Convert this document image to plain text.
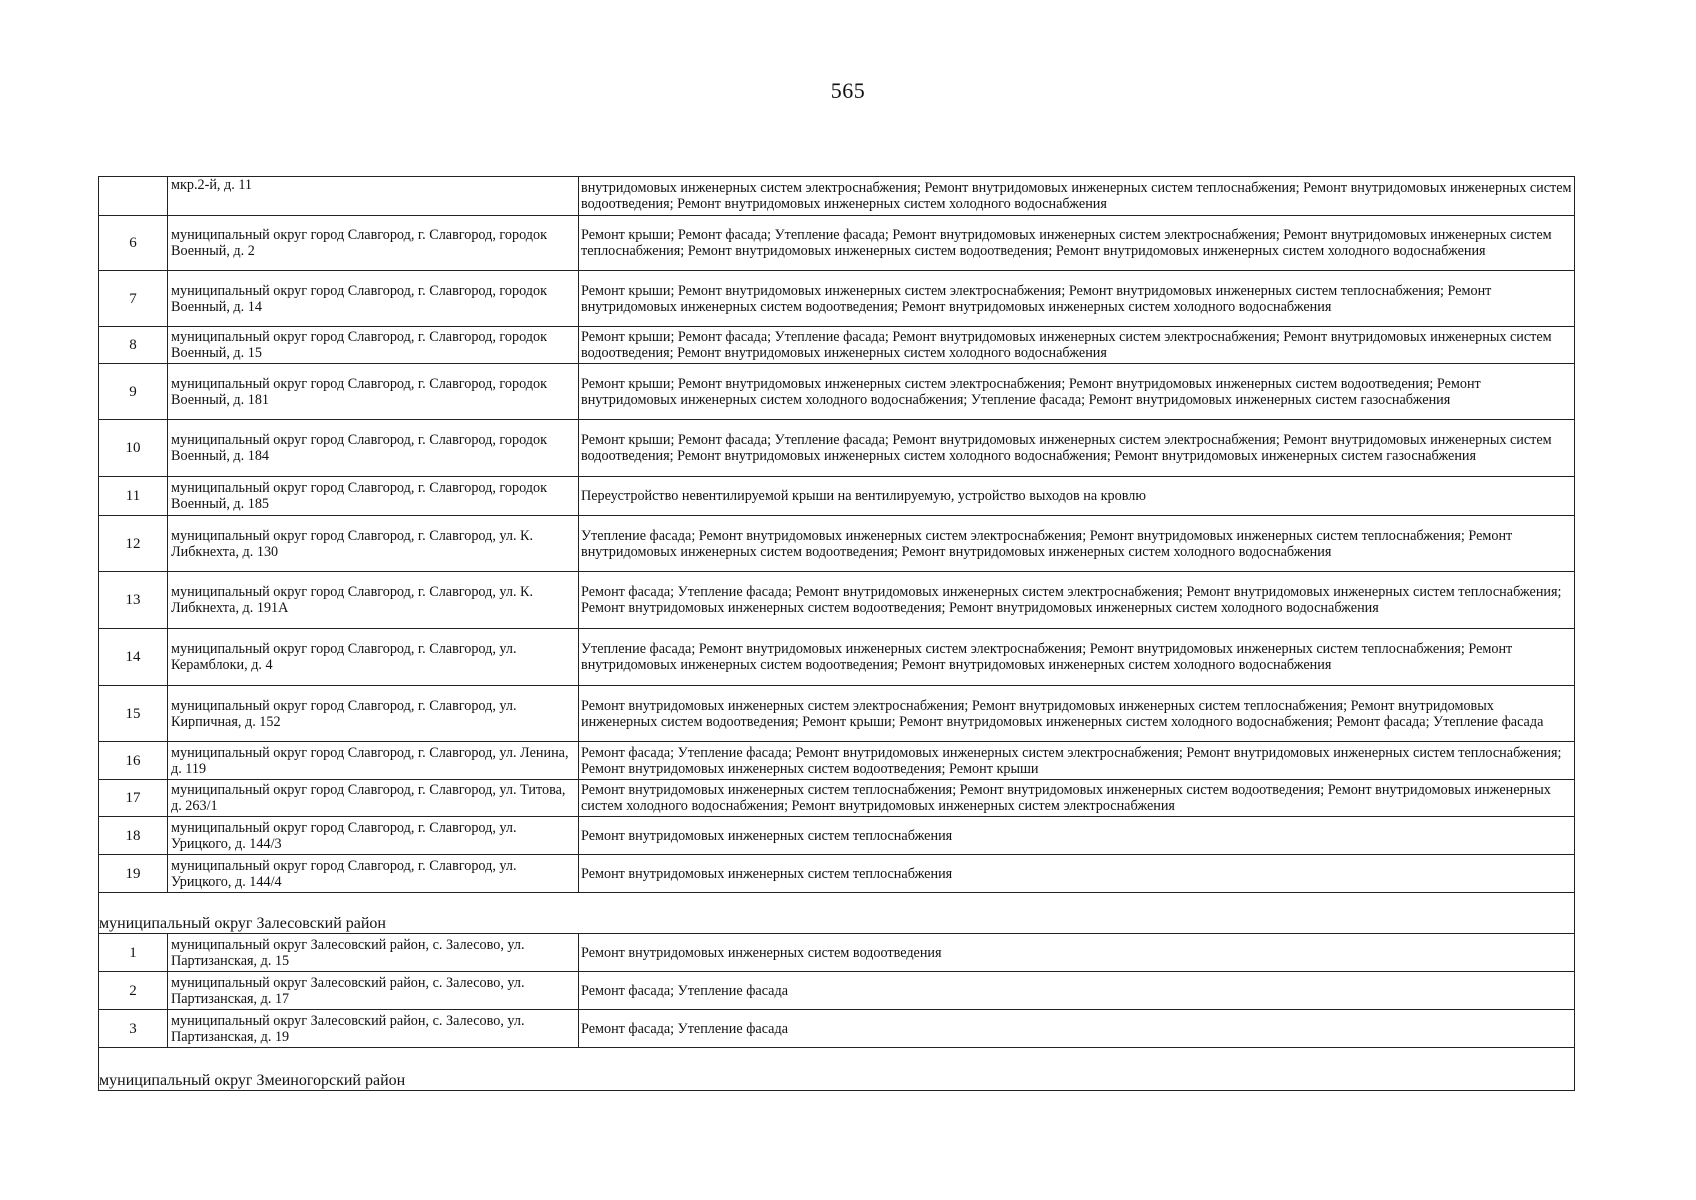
565
	мкр.2-й, д. 11	внутридомовых инженерных систем электроснабжения; Ремонт внутридомовых инженерных систем теплоснабжения; Ремонт внутридомовых инженерных систем водоотведения; Ремонт внутридомовых инженерных систем холодного водоснабжения
6	муниципальный округ город Славгород, г. Славгород, городок Военный, д. 2	Ремонт крыши; Ремонт фасада; Утепление фасада; Ремонт внутридомовых инженерных систем электроснабжения; Ремонт внутридомовых инженерных систем теплоснабжения; Ремонт внутридомовых инженерных систем водоотведения; Ремонт внутридомовых инженерных систем холодного водоснабжения
7	муниципальный округ город Славгород, г. Славгород, городок Военный, д. 14	Ремонт крыши; Ремонт внутридомовых инженерных систем электроснабжения; Ремонт внутридомовых инженерных систем теплоснабжения; Ремонт внутридомовых инженерных систем водоотведения; Ремонт внутридомовых инженерных систем холодного водоснабжения
8	муниципальный округ город Славгород, г. Славгород, городок Военный, д. 15	Ремонт крыши; Ремонт фасада; Утепление фасада; Ремонт внутридомовых инженерных систем электроснабжения; Ремонт внутридомовых инженерных систем водоотведения; Ремонт внутридомовых инженерных систем холодного водоснабжения
9	муниципальный округ город Славгород, г. Славгород, городок Военный, д. 181	Ремонт крыши; Ремонт внутридомовых инженерных систем электроснабжения; Ремонт внутридомовых инженерных систем водоотведения; Ремонт внутридомовых инженерных систем холодного водоснабжения; Утепление фасада; Ремонт внутридомовых инженерных систем газоснабжения
10	муниципальный округ город Славгород, г. Славгород, городок Военный, д. 184	Ремонт крыши; Ремонт фасада; Утепление фасада; Ремонт внутридомовых инженерных систем электроснабжения; Ремонт внутридомовых инженерных систем водоотведения; Ремонт внутридомовых инженерных систем холодного водоснабжения; Ремонт внутридомовых инженерных систем газоснабжения
11	муниципальный округ город Славгород, г. Славгород, городок Военный, д. 185	Переустройство невентилируемой крыши на вентилируемую, устройство выходов на кровлю
12	муниципальный округ город Славгород, г. Славгород, ул. К. Либкнехта, д. 130	Утепление фасада; Ремонт внутридомовых инженерных систем электроснабжения; Ремонт внутридомовых инженерных систем теплоснабжения; Ремонт внутридомовых инженерных систем водоотведения; Ремонт внутридомовых инженерных систем холодного водоснабжения
13	муниципальный округ город Славгород, г. Славгород, ул. К. Либкнехта, д. 191А	Ремонт фасада; Утепление фасада; Ремонт внутридомовых инженерных систем электроснабжения; Ремонт внутридомовых инженерных систем теплоснабжения; Ремонт внутридомовых инженерных систем водоотведения; Ремонт внутридомовых инженерных систем холодного водоснабжения
14	муниципальный округ город Славгород, г. Славгород, ул. Керамблоки, д. 4	Утепление фасада; Ремонт внутридомовых инженерных систем электроснабжения; Ремонт внутридомовых инженерных систем теплоснабжения; Ремонт внутридомовых инженерных систем водоотведения; Ремонт внутридомовых инженерных систем холодного водоснабжения
15	муниципальный округ город Славгород, г. Славгород, ул. Кирпичная, д. 152	Ремонт внутридомовых инженерных систем электроснабжения; Ремонт внутридомовых инженерных систем теплоснабжения; Ремонт внутридомовых инженерных систем водоотведения; Ремонт крыши; Ремонт внутридомовых инженерных систем холодного водоснабжения; Ремонт фасада; Утепление фасада
16	муниципальный округ город Славгород, г. Славгород, ул. Ленина, д. 119	Ремонт фасада; Утепление фасада; Ремонт внутридомовых инженерных систем электроснабжения; Ремонт внутридомовых инженерных систем теплоснабжения; Ремонт внутридомовых инженерных систем водоотведения; Ремонт крыши
17	муниципальный округ город Славгород, г. Славгород, ул. Титова, д. 263/1	Ремонт внутридомовых инженерных систем теплоснабжения; Ремонт внутридомовых инженерных систем водоотведения; Ремонт внутридомовых инженерных систем холодного водоснабжения; Ремонт внутридомовых инженерных систем электроснабжения
18	муниципальный округ город Славгород, г. Славгород, ул. Урицкого, д. 144/3	Ремонт внутридомовых инженерных систем теплоснабжения
19	муниципальный округ город Славгород, г. Славгород, ул. Урицкого, д. 144/4	Ремонт внутридомовых инженерных систем теплоснабжения
муниципальный округ Залесовский район		
1	муниципальный округ Залесовский район, с. Залесово, ул. Партизанская, д. 15	Ремонт внутридомовых инженерных систем водоотведения
2	муниципальный округ Залесовский район, с. Залесово, ул. Партизанская, д. 17	Ремонт фасада; Утепление фасада
3	муниципальный округ Залесовский район, с. Залесово, ул. Партизанская, д. 19	Ремонт фасада; Утепление фасада
муниципальный округ Змеиногорский район		
